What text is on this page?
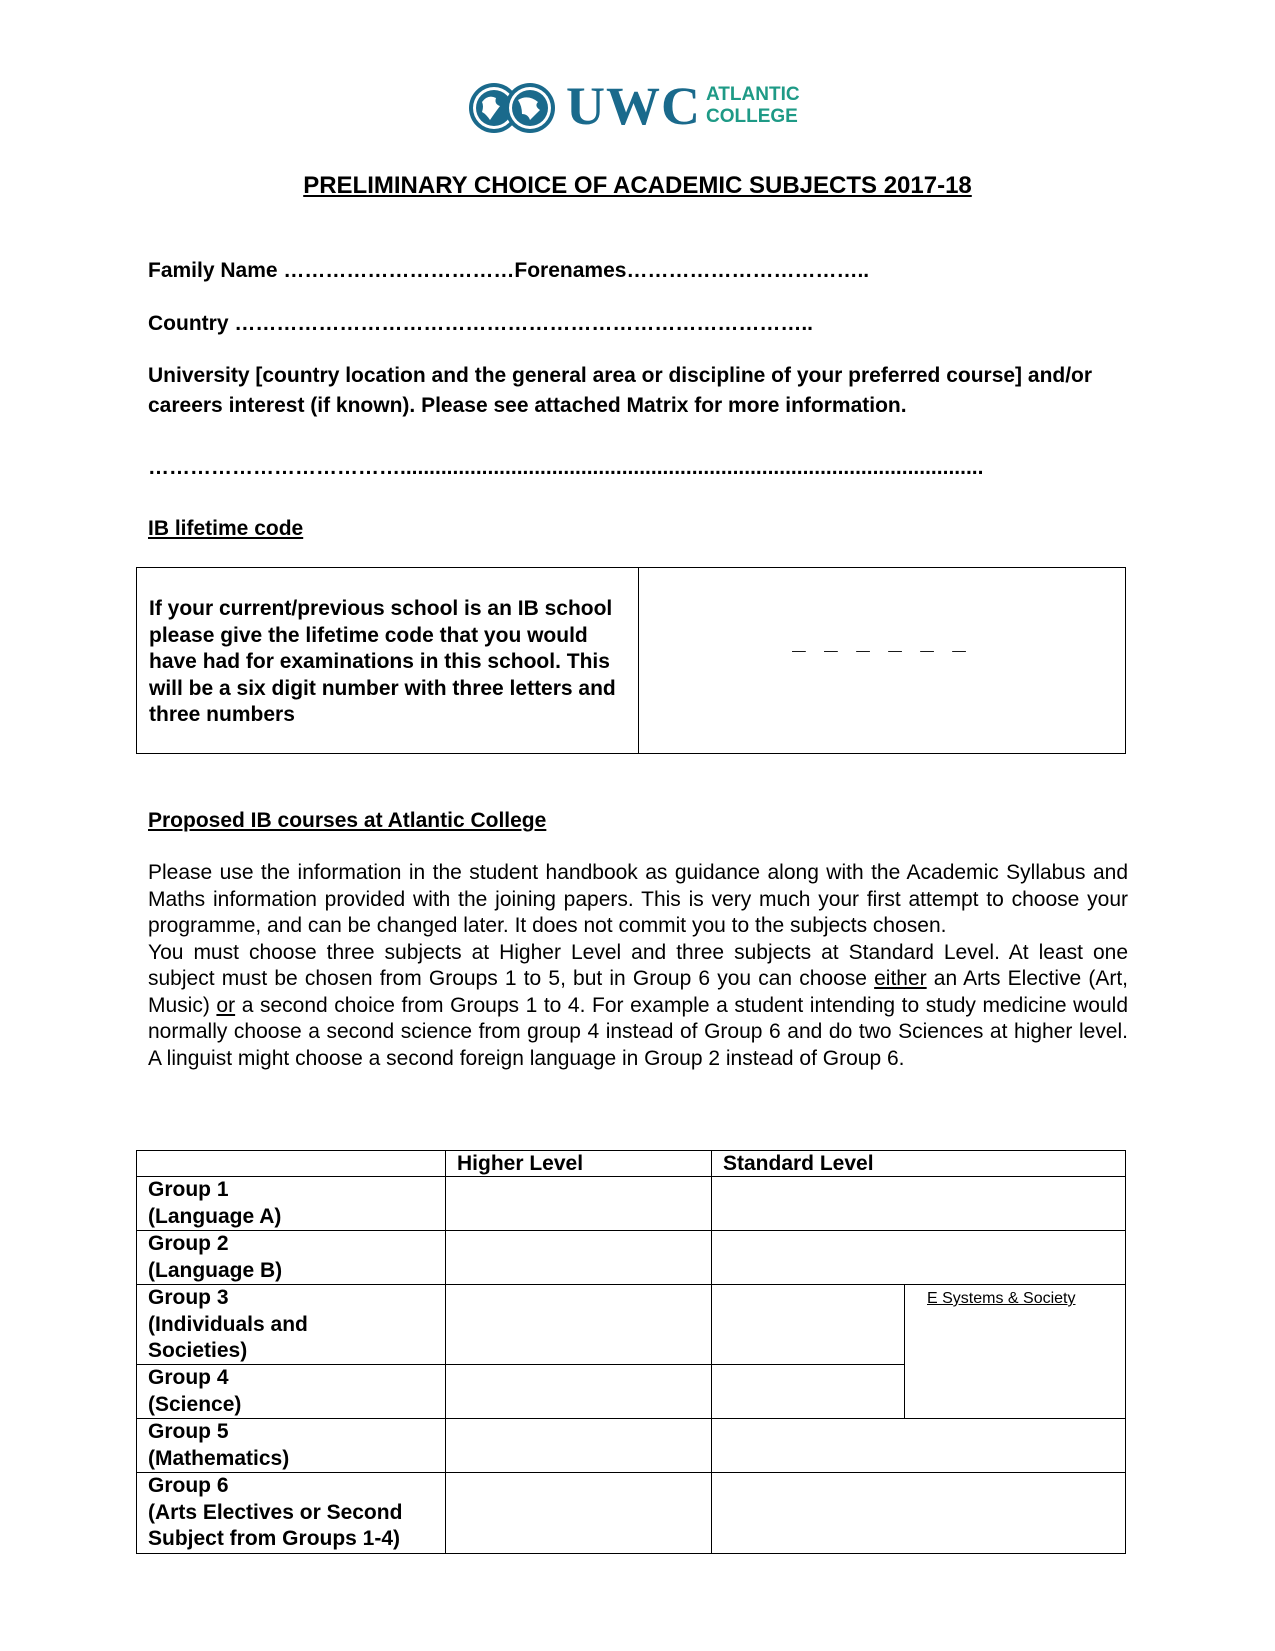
UWC ATLANTIC
COLLEGE
PRELIMINARY CHOICE OF ACADEMIC SUBJECTS 2017-18
Family Name ……………………………Forenames……………………………..
Country ………………………………………………………………………..
University [country location and the general area or discipline of your preferred course] and/or careers interest (if known). Please see attached Matrix for more information.
………………………………....................................................................................................
IB lifetime code
If your current/previous school is an IB school please give the lifetime code that you would have had for examinations in this school. This will be a six digit number with three letters and three numbers
_ _ _ _ _ _
Proposed IB courses at Atlantic College
Please use the information in the student handbook as guidance along with the Academic Syllabus and Maths information provided with the joining papers. This is very much your first attempt to choose your programme, and can be changed later. It does not commit you to the subjects chosen.
You must choose three subjects at Higher Level and three subjects at Standard Level. At least one subject must be chosen from Groups 1 to 5, but in Group 6 you can choose either an Arts Elective (Art, Music) or a second choice from Groups 1 to 4. For example a student intending to study medicine would normally choose a second science from group 4 instead of Group 6 and do two Sciences at higher level. A linguist might choose a second foreign language in Group 2 instead of Group 6.
Higher Level	Standard Level
Group 1
(Language A)
Group 2
(Language B)
Group 3
(Individuals and
Societies)
Group 4
(Science)
Group 5
(Mathematics)
Group 6
(Arts Electives or Second
Subject from Groups 1-4)
E Systems & Society
